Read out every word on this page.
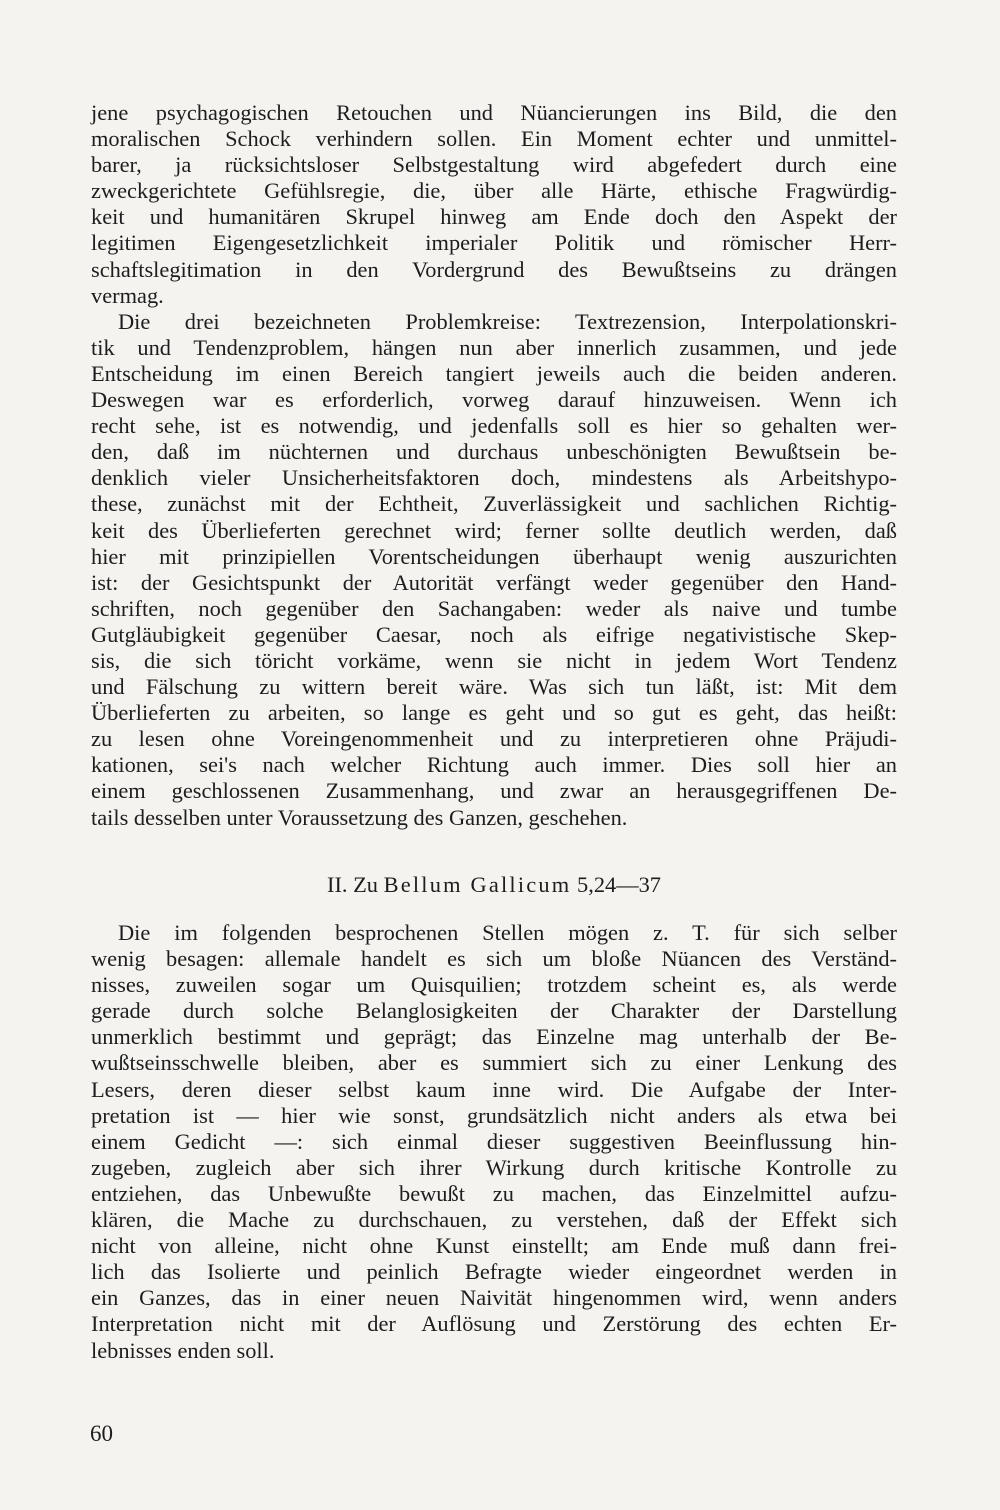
jene psychagogischen Retouchen und Nüancierungen ins Bild, die den
moralischen Schock verhindern sollen. Ein Moment echter und unmittel-
barer, ja rücksichtsloser Selbstgestaltung wird abgefedert durch eine
zweckgerichtete Gefühlsregie, die, über alle Härte, ethische Fragwürdig-
keit und humanitären Skrupel hinweg am Ende doch den Aspekt der
legitimen Eigengesetzlichkeit imperialer Politik und römischer Herr-
schaftslegitimation in den Vordergrund des Bewußtseins zu drängen
vermag.
Die drei bezeichneten Problemkreise: Textrezension, Interpolationskri-
tik und Tendenzproblem, hängen nun aber innerlich zusammen, und jede
Entscheidung im einen Bereich tangiert jeweils auch die beiden anderen.
Deswegen war es erforderlich, vorweg darauf hinzuweisen. Wenn ich
recht sehe, ist es notwendig, und jedenfalls soll es hier so gehalten wer-
den, daß im nüchternen und durchaus unbeschönigten Bewußtsein be-
denklich vieler Unsicherheitsfaktoren doch, mindestens als Arbeitshypo-
these, zunächst mit der Echtheit, Zuverlässigkeit und sachlichen Richtig-
keit des Überlieferten gerechnet wird; ferner sollte deutlich werden, daß
hier mit prinzipiellen Vorentscheidungen überhaupt wenig auszurichten
ist: der Gesichtspunkt der Autorität verfängt weder gegenüber den Hand-
schriften, noch gegenüber den Sachangaben: weder als naive und tumbe
Gutgläubigkeit gegenüber Caesar, noch als eifrige negativistische Skep-
sis, die sich töricht vorkäme, wenn sie nicht in jedem Wort Tendenz
und Fälschung zu wittern bereit wäre. Was sich tun läßt, ist: Mit dem
Überlieferten zu arbeiten, so lange es geht und so gut es geht, das heißt:
zu lesen ohne Voreingenommenheit und zu interpretieren ohne Präjudi-
kationen, sei's nach welcher Richtung auch immer. Dies soll hier an
einem geschlossenen Zusammenhang, und zwar an herausgegriffenen De-
tails desselben unter Voraussetzung des Ganzen, geschehen.
II. Zu Bellum Gallicum 5,24—37
Die im folgenden besprochenen Stellen mögen z. T. für sich selber
wenig besagen: allemale handelt es sich um bloße Nüancen des Verständ-
nisses, zuweilen sogar um Quisquilien; trotzdem scheint es, als werde
gerade durch solche Belanglosigkeiten der Charakter der Darstellung
unmerklich bestimmt und geprägt; das Einzelne mag unterhalb der Be-
wußtseinsschwelle bleiben, aber es summiert sich zu einer Lenkung des
Lesers, deren dieser selbst kaum inne wird. Die Aufgabe der Inter-
pretation ist — hier wie sonst, grundsätzlich nicht anders als etwa bei
einem Gedicht —: sich einmal dieser suggestiven Beeinflussung hin-
zugeben, zugleich aber sich ihrer Wirkung durch kritische Kontrolle zu
entziehen, das Unbewußte bewußt zu machen, das Einzelmittel aufzu-
klären, die Mache zu durchschauen, zu verstehen, daß der Effekt sich
nicht von alleine, nicht ohne Kunst einstellt; am Ende muß dann frei-
lich das Isolierte und peinlich Befragte wieder eingeordnet werden in
ein Ganzes, das in einer neuen Naivität hingenommen wird, wenn anders
Interpretation nicht mit der Auflösung und Zerstörung des echten Er-
lebnisses enden soll.
60
